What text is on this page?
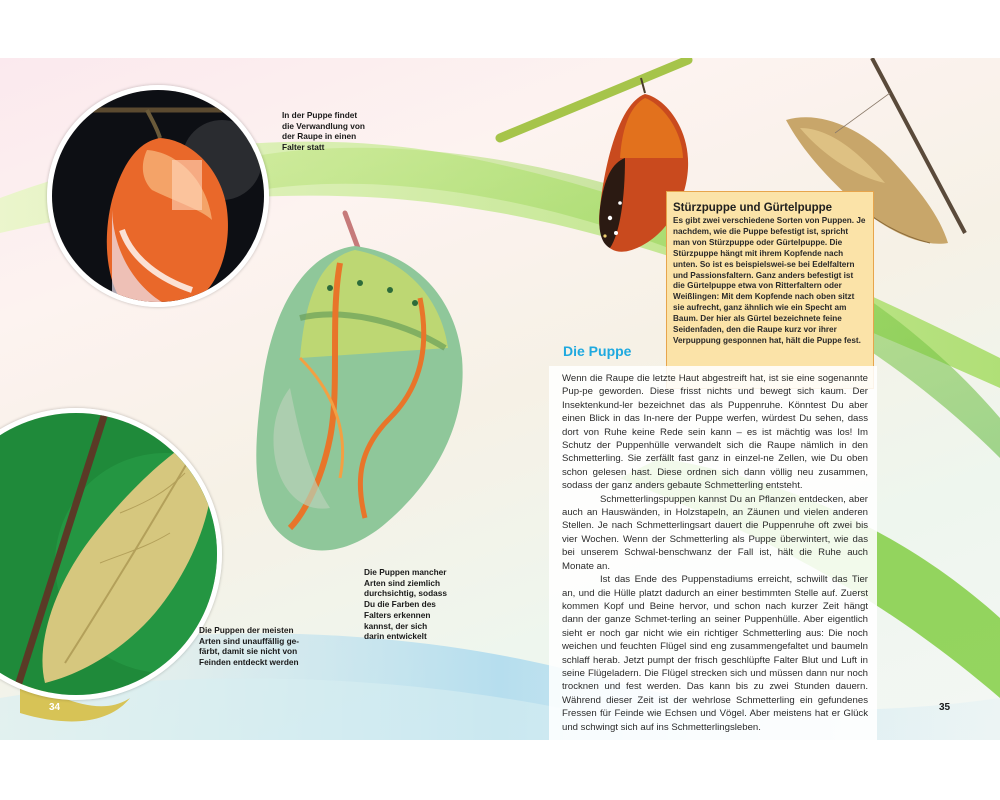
In der Puppe findet
die Verwandlung von
der Raupe in einen
Falter statt
Die Puppen der meisten
Arten sind unauffällig ge-
färbt, damit sie nicht von
Feinden entdeckt werden
Die Puppen mancher
Arten sind ziemlich
durchsichtig, sodass
Du die Farben des
Falters erkennen
kannst, der sich
darin entwickelt
Stürzpuppe und Gürtelpuppe

Es gibt zwei verschiedene Sorten von Puppen. Je nachdem, wie die Puppe befestigt ist, spricht man von Stürzpuppe oder Gürtelpuppe. Die Stürzpuppe hängt mit ihrem Kopfende nach unten. So ist es beispielswei-se bei Edelfaltern und Passionsfaltern. Ganz anders befestigt ist die Gürtelpuppe etwa von Ritterfaltern oder Weißlingen: Mit dem Kopfende nach oben sitzt sie aufrecht, ganz ähnlich wie ein Specht am Baum. Der hier als Gürtel bezeichnete feine Seidenfaden, den die Raupe kurz vor ihrer Verpuppung gesponnen hat, hält die Puppe fest.

Die Puppe

Wenn die Raupe die letzte Haut abgestreift hat, ist sie eine sogenannte Pup-pe geworden. Diese frisst nichts und bewegt sich kaum. Der Insektenkund-ler bezeichnet das als Puppenruhe. Könntest Du aber einen Blick in das In-nere der Puppe werfen, würdest Du sehen, dass dort von Ruhe keine Rede sein kann – es ist mächtig was los! Im Schutz der Puppenhülle verwandelt sich die Raupe nämlich in den Schmetterling. Sie zerfällt fast ganz in einzel-ne Zellen, wie Du oben schon gelesen hast. Diese ordnen sich dann völlig neu zusammen, sodass der ganz anders gebaute Schmetterling entsteht.

Schmetterlingspuppen kannst Du an Pflanzen entdecken, aber auch an Hauswänden, in Holzstapeln, an Zäunen und vielen anderen Stellen. Je nach Schmetterlingsart dauert die Puppenruhe oft zwei bis vier Wochen. Wenn der Schmetterling als Puppe überwintert, wie das bei unserem Schwal-benschwanz der Fall ist, hält die Ruhe auch Monate an.

Ist das Ende des Puppenstadiums erreicht, schwillt das Tier an, und die Hülle platzt dadurch an einer bestimmten Stelle auf. Zuerst kommen Kopf und Beine hervor, und schon nach kurzer Zeit hängt dann der ganze Schmet-terling an seiner Puppenhülle. Aber eigentlich sieht er noch gar nicht wie ein richtiger Schmetterling aus: Die noch weichen und feuchten Flügel sind eng zusammengefaltet und baumeln schlaff herab. Jetzt pumpt der frisch geschlüpfte Falter Blut und Luft in seine Flügeladern. Die Flügel strecken sich und müssen dann nur noch trocknen und fest werden. Das kann bis zu zwei Stunden dauern. Während dieser Zeit ist der wehrlose Schmetterling ein gefundenes Fressen für Feinde wie Echsen und Vögel. Aber meistens hat er Glück und schwingt sich auf ins Schmetterlingsleben.

34	35
